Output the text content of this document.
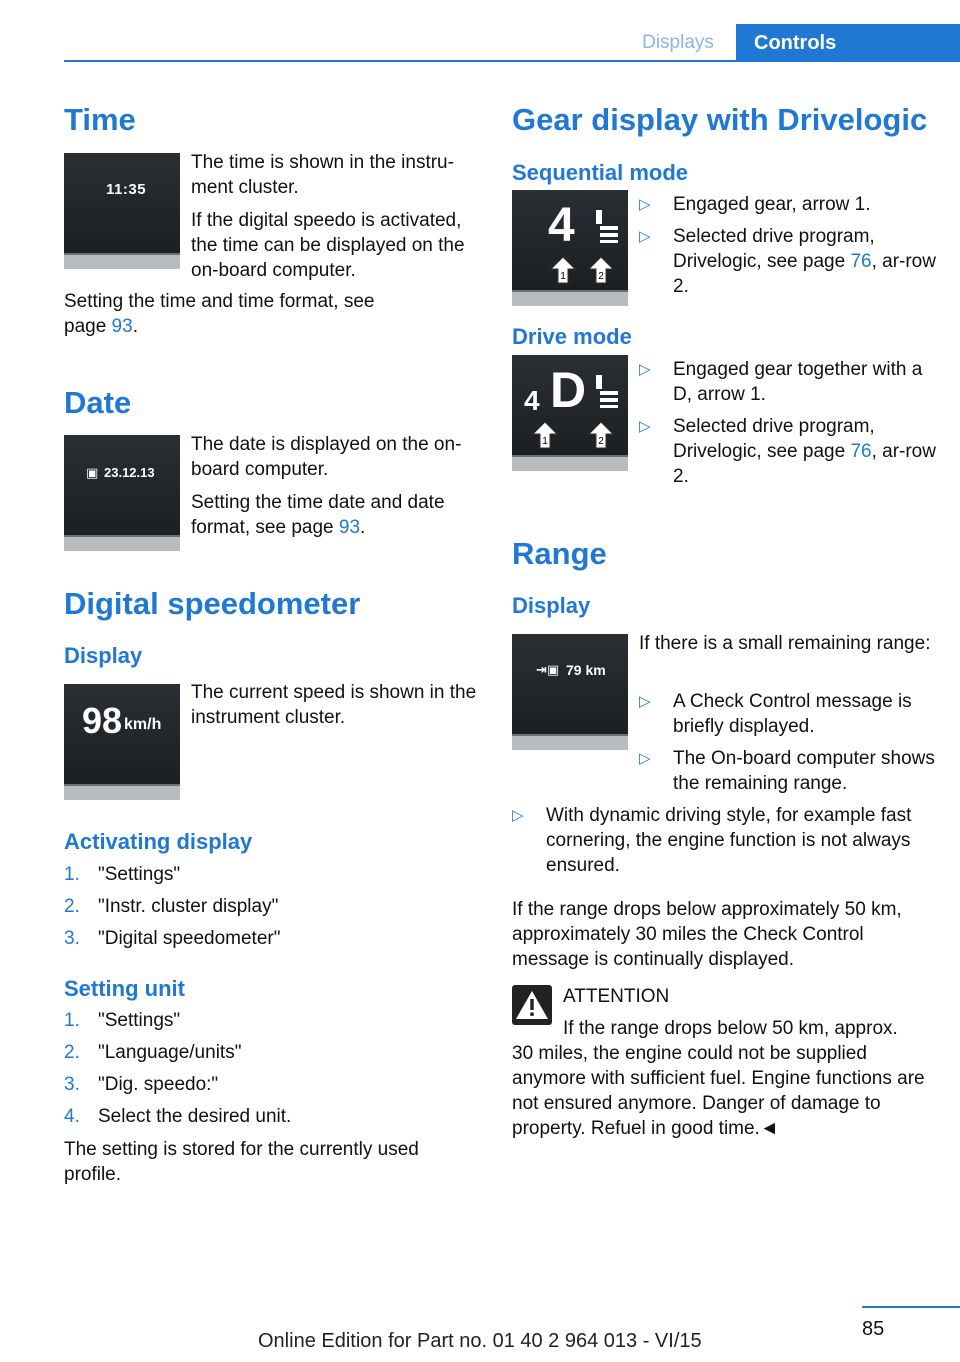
Displays	Controls
Time
11:35

The time is shown in the instru‐ment cluster.

If the digital speedo is activated, the time can be displayed on the on-board computer.

Setting the time and time format, see page 93.

Date
▣ 23.12.13

The date is displayed on the on-board computer.

Setting the time date and date format, see page 93.

Digital speedometer
Display
98 km/h

The current speed is shown in the instrument cluster.

Activating display
1. "Settings"
2. "Instr. cluster display"
3. "Digital speedometer"
Setting unit
1. "Settings"
2. "Language/units"
3. "Dig. speedo:"
4. Select the desired unit.

The setting is stored for the currently used profile.

Gear display with Drivelogic
Sequential mode
4
1	2
▷ Engaged gear, arrow 1.
▷ Selected drive program, Drivelogic, see page 76, ar‐row 2.
Drive mode
4 D
1	2
▷ Engaged gear together with a D, arrow 1.
▷ Selected drive program, Drivelogic, see page 76, ar‐row 2.
Range
Display
⇥▣ 79 km

If there is a small remaining range:

▷ A Check Control message is briefly displayed.
▷ The On-board computer shows the remaining range.
▷ With dynamic driving style, for example fast cornering, the engine function is not always ensured.

If the range drops below approximately 50 km, approximately 30 miles the Check Control message is continually displayed.

ATTENTION

If the range drops below 50 km, approx.

30 miles, the engine could not be supplied anymore with sufficient fuel. Engine functions are not ensured anymore. Danger of damage to property. Refuel in good time.◄

85
Online Edition for Part no. 01 40 2 964 013 - VI/15
